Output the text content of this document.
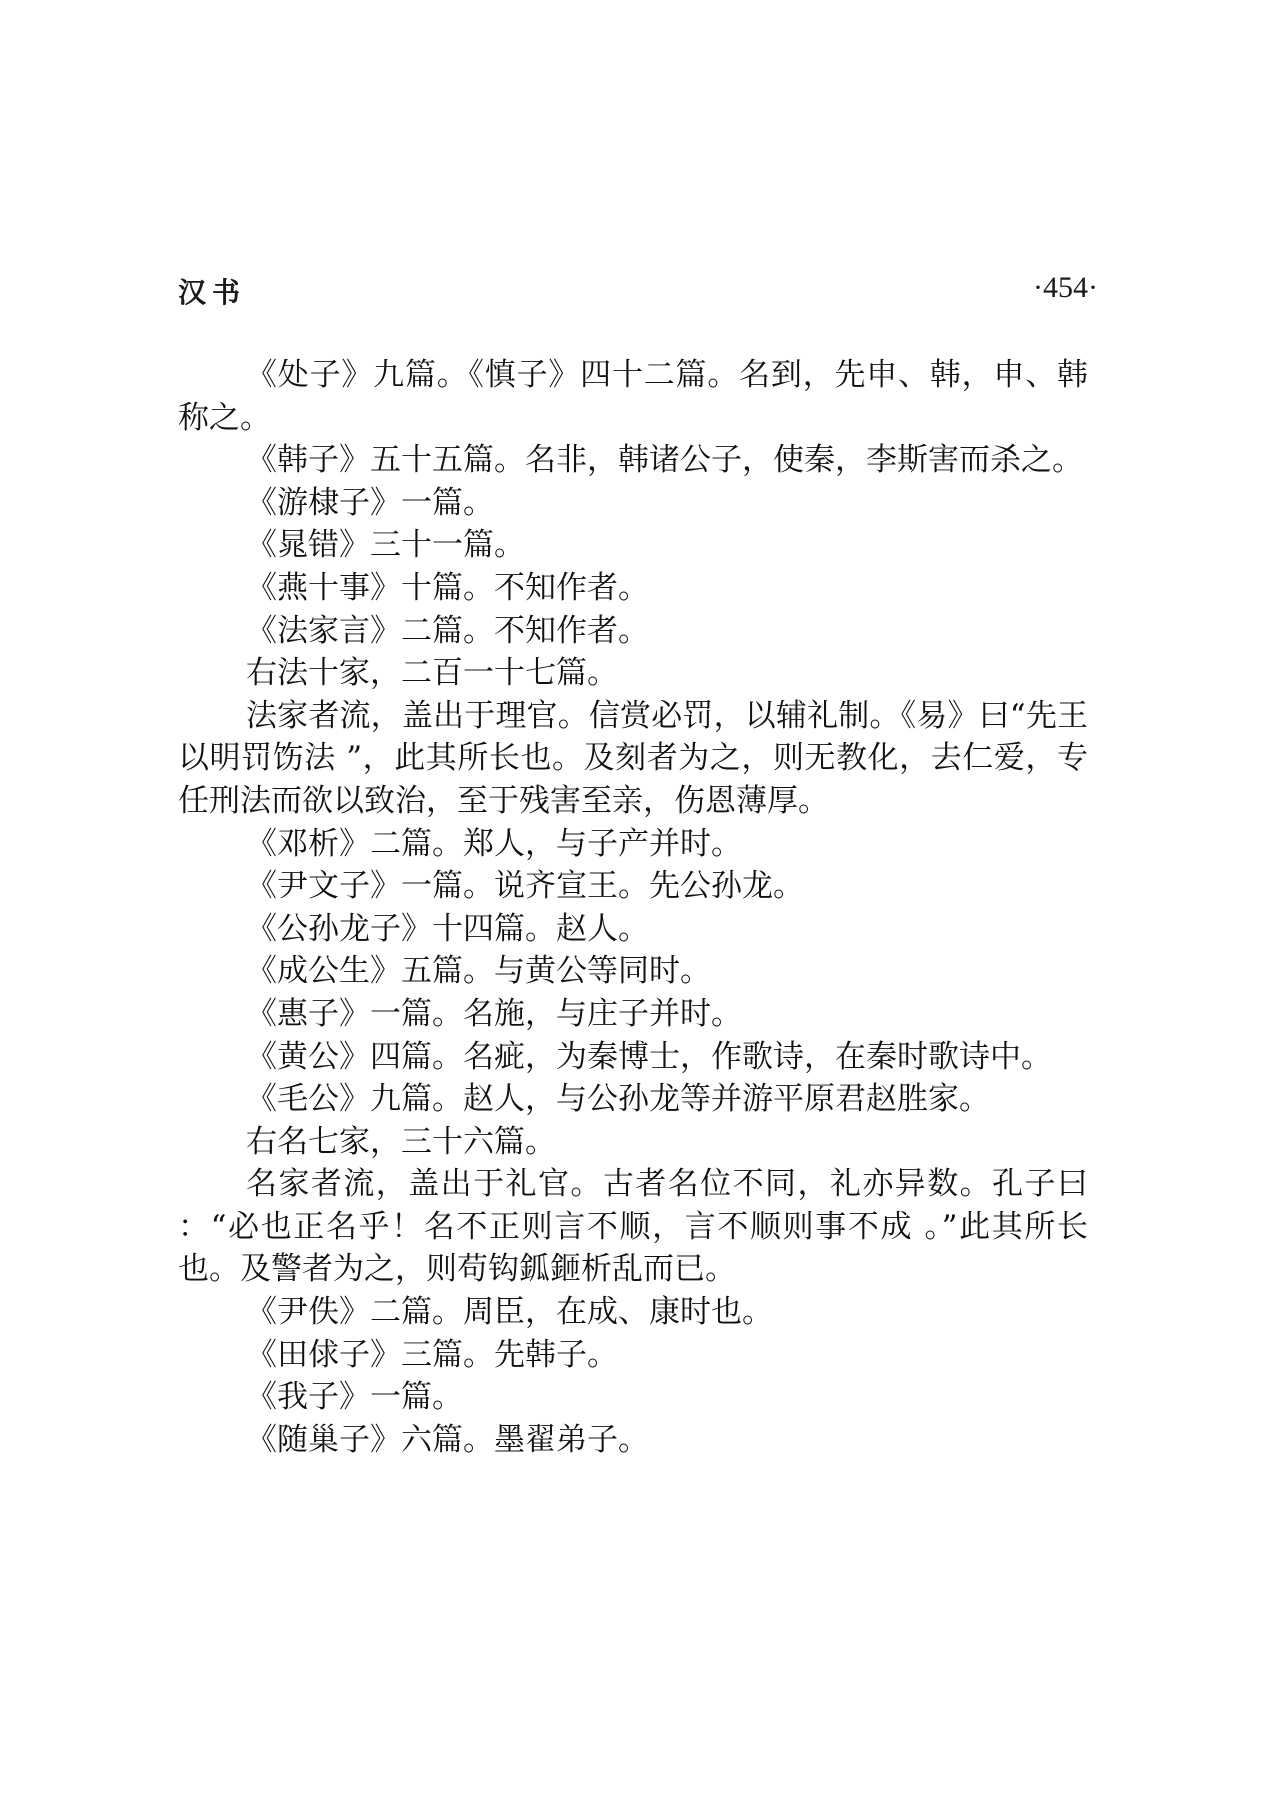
汉书	·454·

《处子》九篇。《慎子》四十二篇。名到，先申、韩，申、韩称之。

《韩子》五十五篇。名非，韩诸公子，使秦，李斯害而杀之。

《游棣子》一篇。

《晁错》三十一篇。

《燕十事》十篇。不知作者。

《法家言》二篇。不知作者。

右法十家，二百一十七篇。

法家者流，盖出于理官。信赏必罚，以辅礼制。《易》曰“先王以明罚饬法 ”，此其所长也。及刻者为之，则无教化，去仁爱，专任刑法而欲以致治，至于残害至亲，伤恩薄厚。

《邓析》二篇。郑人，与子产并时。

《尹文子》一篇。说齐宣王。先公孙龙。

《公孙龙子》十四篇。赵人。

《成公生》五篇。与黄公等同时。

《惠子》一篇。名施，与庄子并时。

《黄公》四篇。名疵，为秦博士，作歌诗，在秦时歌诗中。

《毛公》九篇。赵人，与公孙龙等并游平原君赵胜家。

右名七家，三十六篇。

名家者流，盖出于礼官。古者名位不同，礼亦异数。孔子曰 ：“必也正名乎！名不正则言不顺，言不顺则事不成 。”此其所长也。及警者为之，则苟钩鈲鉔析乱而已。

《尹佚》二篇。周臣，在成、康时也。

《田俅子》三篇。先韩子。

《我子》一篇。

《随巢子》六篇。墨翟弟子。
